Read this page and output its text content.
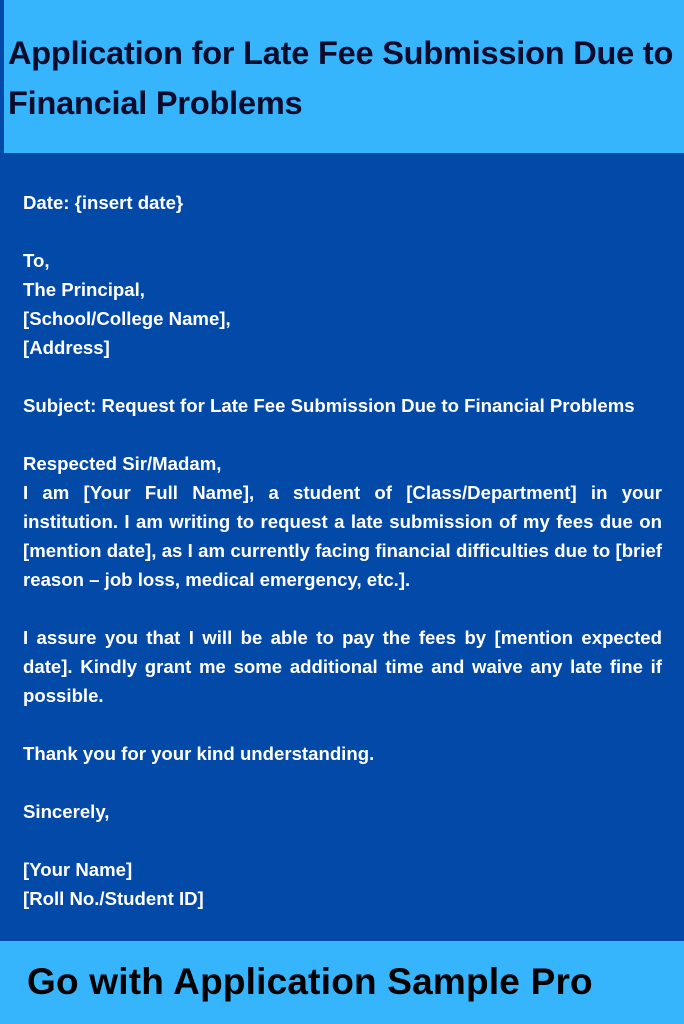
Application for Late Fee Submission Due to Financial Problems

Date: {insert date}

To,

The Principal,

[School/College Name],

[Address]

Subject: Request for Late Fee Submission Due to Financial Problems

Respected Sir/Madam,

I am [Your Full Name], a student of [Class/Department] in your institution. I am writing to request a late submission of my fees due on [mention date], as I am currently facing financial difficulties due to [brief reason – job loss, medical emergency, etc.].

I assure you that I will be able to pay the fees by [mention expected date]. Kindly grant me some additional time and waive any late fine if possible.

Thank you for your kind understanding.

Sincerely,

[Your Name]

[Roll No./Student ID]

Go with Application Sample Pro
